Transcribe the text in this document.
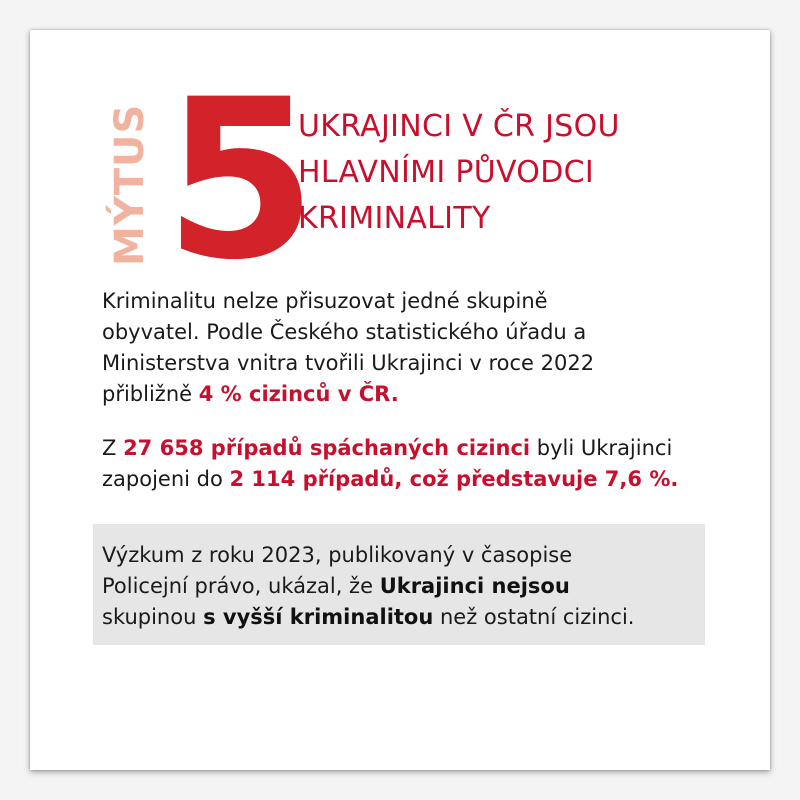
MÝTUS 5
UKRAJINCI V ČR JSOU
HLAVNÍMI PŮVODCI
KRIMINALITY
Kriminalitu nelze přisuzovat jedné skupině
obyvatel. Podle Českého statistického úřadu a
Ministerstva vnitra tvořili Ukrajinci v roce 2022
přibližně 4 % cizinců v ČR.
Z 27 658 případů spáchaných cizinci byli Ukrajinci
zapojeni do 2 114 případů, což představuje 7,6 %.
Výzkum z roku 2023, publikovaný v časopise
Policejní právo, ukázal, že Ukrajinci nejsou
skupinou s vyšší kriminalitou než ostatní cizinci.
